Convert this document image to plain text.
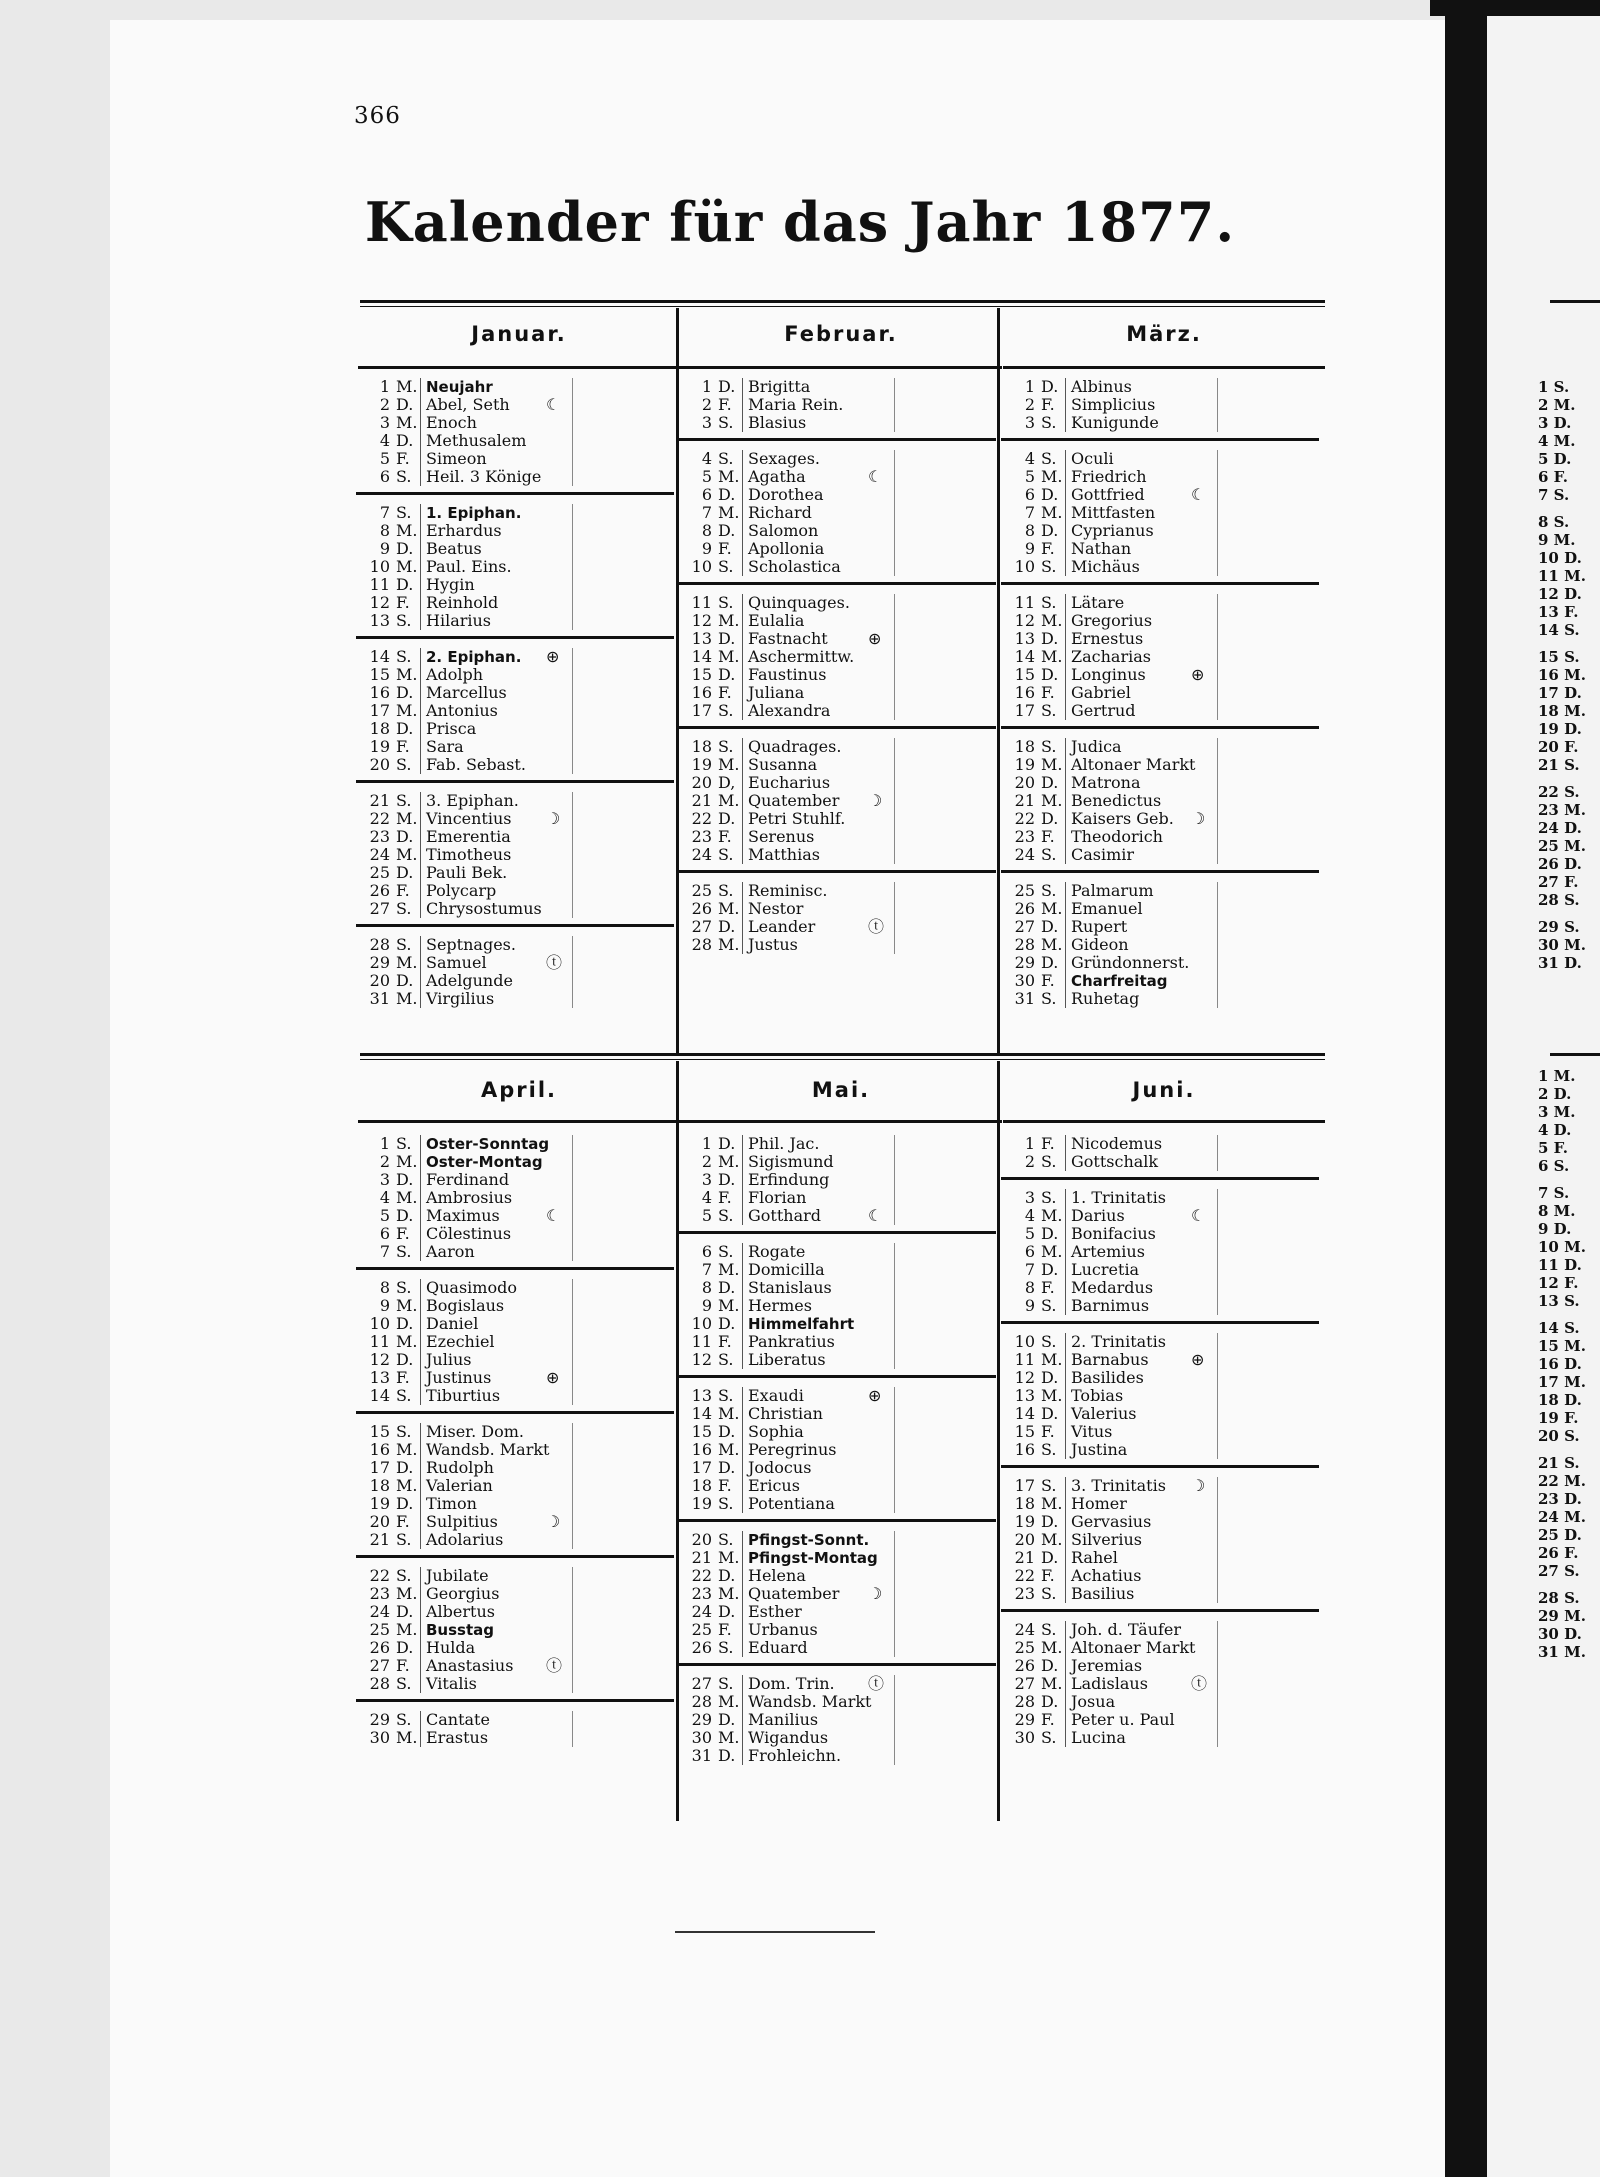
366
Kalender für das Jahr 1877.
Januar.
1 M. Neujahr
2 D. Abel, Seth ☾
3 M. Enoch
4 D. Methusalem
5 F. Simeon
6 S. Heil. 3 Könige
7 S. 1. Epiphan.
8 M. Erhardus
9 D. Beatus
10 M. Paul. Eins.
11 D. Hygin
12 F. Reinhold
13 S. Hilarius
14 S. 2. Epiphan. ⊕
15 M. Adolph
16 D. Marcellus
17 M. Antonius
18 D. Prisca
19 F. Sara
20 S. Fab. Sebast.
21 S. 3. Epiphan.
22 M. Vincentius ☽
23 D. Emerentia
24 M. Timotheus
25 D. Pauli Bek.
26 F. Polycarp
27 S. Chrysostumus
28 S. Septnages.
29 M. Samuel	ⓣ
20 D. Adelgunde
31 M. Virgilius
Februar.
1 D. Brigitta
2 F. Maria Rein.
3 S. Blasius
4 S. Sexages.
5 M. Agatha	☾
6 D. Dorothea
7 M. Richard
8 D. Salomon
9 F. Apollonia
10 S. Scholastica
11 S. Quinquages.
12 M. Eulalia
13 D. Fastnacht	⊕
14 M. Aschermittw.
15 D. Faustinus
16 F. Juliana
17 S. Alexandra
18 S. Quadrages.
19 M. Susanna
20 D, Eucharius
21 M. Quatember ☽
22 D. Petri Stuhlf.
23 F. Serenus
24 S. Matthias
25 S. Reminisc.
26 M. Nestor
27 D. Leander	ⓣ
28 M. Justus
März.
1 D. Albinus
2 F. Simplicius
3 S. Kunigunde
4 S. Oculi
5 M. Friedrich
6 D. Gottfried	☾
7 M. Mittfasten
8 D. Cyprianus
9 F. Nathan
10 S. Michäus
11 S. Lätare
12 M. Gregorius
13 D. Ernestus
14 M. Zacharias
15 D. Longinus	⊕
16 F. Gabriel
17 S. Gertrud
18 S. Judica
19 M. Altonaer Markt
20 D. Matrona
21 M. Benedictus
22 D. Kaisers Geb. ☽
23 F. Theodorich
24 S. Casimir
25 S. Palmarum
26 M. Emanuel
27 D. Rupert
28 M. Gideon
29 D. Gründonnerst.
30 F. Charfreitag
31 S. Ruhetag
April.
1 S. Oster-Sonntag
2 M. Oster-Montag
3 D. Ferdinand
4 M. Ambrosius
5 D. Maximus	☾
6 F. Cölestinus
7 S. Aaron
8 S. Quasimodo
9 M. Bogislaus
10 D. Daniel
11 M. Ezechiel
12 D. Julius
13 F. Justinus	⊕
14 S. Tiburtius
15 S. Miser. Dom.
16 M. Wandsb. Markt
17 D. Rudolph
18 M. Valerian
19 D. Timon
20 F. Sulpitius	☽
21 S. Adolarius
22 S. Jubilate
23 M. Georgius
24 D. Albertus
25 M. Busstag
26 D. Hulda
27 F. Anastasius ⓣ
28 S. Vitalis
29 S. Cantate
30 M. Erastus
Mai.
1 D. Phil. Jac.
2 M. Sigismund
3 D. Erfindung
4 F. Florian
5 S. Gotthard	☾
6 S. Rogate
7 M. Domicilla
8 D. Stanislaus
9 M. Hermes
10 D. Himmelfahrt
11 F. Pankratius
12 S. Liberatus
13 S. Exaudi	⊕
14 M. Christian
15 D. Sophia
16 M. Peregrinus
17 D. Jodocus
18 F. Ericus
19 S. Potentiana
20 S. Pfingst-Sonnt.
21 M. Pfingst-Montag
22 D. Helena
23 M. Quatember ☽
24 D. Esther
25 F. Urbanus
26 S. Eduard
27 S. Dom. Trin. ⓣ
28 M. Wandsb. Markt
29 D. Manilius
30 M. Wigandus
31 D. Frohleichn.
Juni.
1 F. Nicodemus
2 S. Gottschalk
3 S. 1. Trinitatis
4 M. Darius	☾
5 D. Bonifacius
6 M. Artemius
7 D. Lucretia
8 F. Medardus
9 S. Barnimus
10 S. 2. Trinitatis
11 M. Barnabus	⊕
12 D. Basilides
13 M. Tobias
14 D. Valerius
15 F. Vitus
16 S. Justina
17 S. 3. Trinitatis ☽
18 M. Homer
19 D. Gervasius
20 M. Silverius
21 D. Rahel
22 F. Achatius
23 S. Basilius
24 S. Joh. d. Täufer
25 M. Altonaer Markt
26 D. Jeremias
27 M. Ladislaus	ⓣ
28 D. Josua
29 F. Peter u. Paul
30 S. Lucina
1 S.
2 M.
3 D.
4 M.
5 D.
6 F.
7 S.
8 S.
9 M.
10 D.
11 M.
12 D.
13 F.
14 S.
15 S.
16 M.
17 D.
18 M.
19 D.
20 F.
21 S.
22 S.
23 M.
24 D.
25 M.
26 D.
27 F.
28 S.
29 S.
30 M.
31 D.
1 M.
2 D.
3 M.
4 D.
5 F.
6 S.
7 S.
8 M.
9 D.
10 M.
11 D.
12 F.
13 S.
14 S.
15 M.
16 D.
17 M.
18 D.
19 F.
20 S.
21 S.
22 M.
23 D.
24 M.
25 D.
26 F.
27 S.
28 S.
29 M.
30 D.
31 M.
